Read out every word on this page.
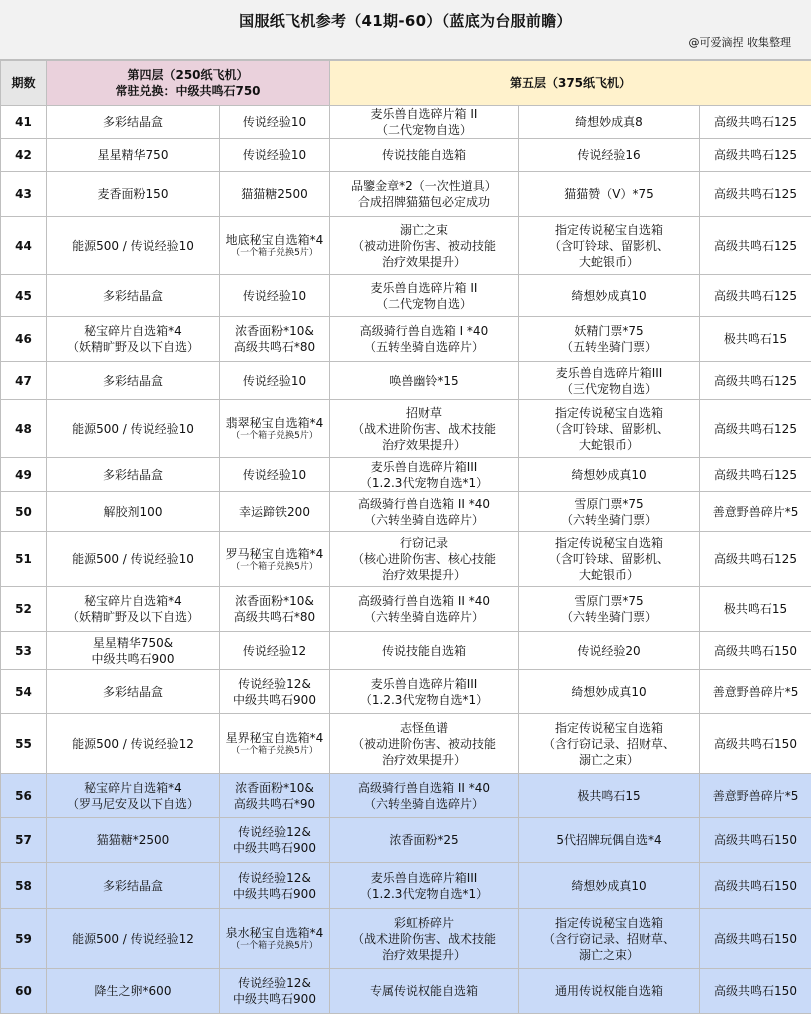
国服纸飞机参考（41期-60）（蓝底为台服前瞻）
@可爱滴捏 收集整理
期数	第四层（250纸飞机）
常驻兑换：中级共鸣石750		第五层（375纸飞机）		
41	多彩结晶盒	传说经验10	麦乐兽自选碎片箱 II
（二代宠物自选）	绮想妙成真8	高级共鸣石125

42	星星精华750	传说经验10	传说技能自选箱	传说经验16	高级共鸣石125

43	麦香面粉150	猫猫糖2500	品鑒金章*2（一次性道具）
合成招牌猫猫包必定成功	猫猫赞（V）*75	高级共鸣石125

44	能源500 / 传说经验10	地底秘宝自选箱*4
（一个箱子兑换5片）	溺亡之束
（被动进阶伤害、被动技能
治疗效果提升）	指定传说秘宝自选箱
（含叮铃球、留影机、
大蛇银币）	高级共鸣石125

45	多彩结晶盒	传说经验10	麦乐兽自选碎片箱 II
（二代宠物自选）	绮想妙成真10	高级共鸣石125

46	秘宝碎片自选箱*4
（妖精旷野及以下自选）	浓香面粉*10&
高级共鸣石*80	高级骑行兽自选箱 I *40
（五转坐骑自选碎片）	妖精门票*75
（五转坐骑门票）	极共鸣石15

47	多彩结晶盒	传说经验10	唤兽幽铃*15	麦乐兽自选碎片箱III
（三代宠物自选）	高级共鸣石125

48	能源500 / 传说经验10	翡翠秘宝自选箱*4
（一个箱子兑换5片）	招财草
（战术进阶伤害、战术技能
治疗效果提升）	指定传说秘宝自选箱
（含叮铃球、留影机、
大蛇银币）	高级共鸣石125

49	多彩结晶盒	传说经验10	麦乐兽自选碎片箱III
（1.2.3代宠物自选*1）	绮想妙成真10	高级共鸣石125

50	解胶剂100	幸运蹄铁200	高级骑行兽自选箱 II *40
（六转坐骑自选碎片）	雪原门票*75
（六转坐骑门票）	善意野兽碎片*5

51	能源500 / 传说经验10	罗马秘宝自选箱*4
（一个箱子兑换5片）	行窃记录
（核心进阶伤害、核心技能
治疗效果提升）	指定传说秘宝自选箱
（含叮铃球、留影机、
大蛇银币）	高级共鸣石125

52	秘宝碎片自选箱*4
（妖精旷野及以下自选）	浓香面粉*10&
高级共鸣石*80	高级骑行兽自选箱 II *40
（六转坐骑自选碎片）	雪原门票*75
（六转坐骑门票）	极共鸣石15

53	星星精华750&
中级共鸣石900	传说经验12	传说技能自选箱	传说经验20	高级共鸣石150

54	多彩结晶盒	传说经验12&
中级共鸣石900	麦乐兽自选碎片箱III
（1.2.3代宠物自选*1）	绮想妙成真10	善意野兽碎片*5

55	能源500 / 传说经验12	星界秘宝自选箱*4
（一个箱子兑换5片）	志怪鱼谱
（被动进阶伤害、被动技能
治疗效果提升）	指定传说秘宝自选箱
（含行窃记录、招财草、
溺亡之束）	高级共鸣石150

56	秘宝碎片自选箱*4
（罗马尼安及以下自选）	浓香面粉*10&
高级共鸣石*90	高级骑行兽自选箱 II *40
（六转坐骑自选碎片）	极共鸣石15	善意野兽碎片*5

57	猫猫糖*2500	传说经验12&
中级共鸣石900	浓香面粉*25	5代招牌玩偶自选*4	高级共鸣石150

58	多彩结晶盒	传说经验12&
中级共鸣石900	麦乐兽自选碎片箱III
（1.2.3代宠物自选*1）	绮想妙成真10	高级共鸣石150

59	能源500 / 传说经验12	泉水秘宝自选箱*4
（一个箱子兑换5片）	彩虹桥碎片
（战术进阶伤害、战术技能
治疗效果提升）	指定传说秘宝自选箱
（含行窃记录、招财草、
溺亡之束）	高级共鸣石150

60	降生之卵*600	传说经验12&
中级共鸣石900	专属传说权能自选箱	通用传说权能自选箱	高级共鸣石150
